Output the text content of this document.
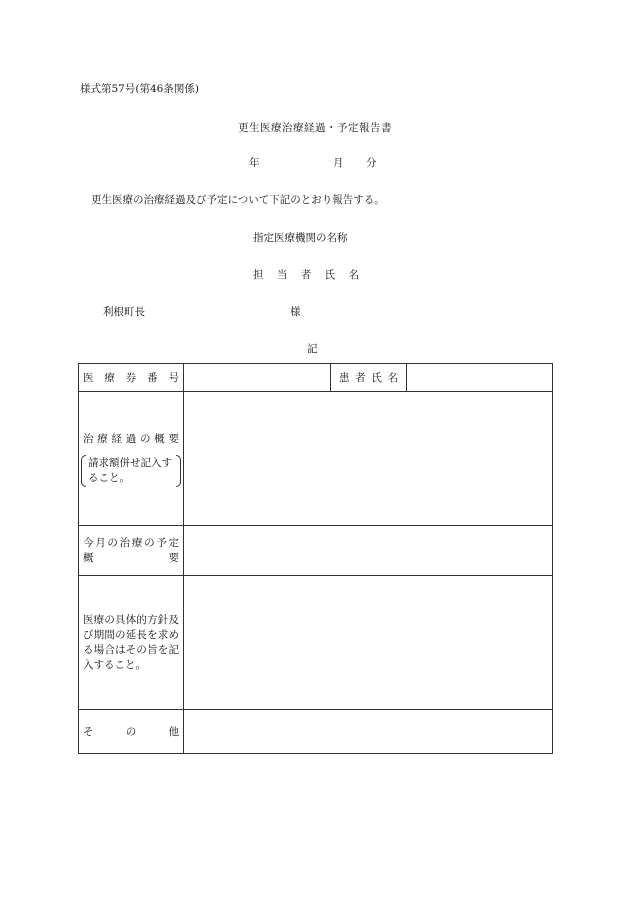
様式第57号(第46条関係)
更生医療治療経過・予定報告書
年	月 分
更生医療の治療経過及び予定について下記のとおり報告する。
指定医療機関の名称
担 当 者 氏 名
利根町長	様
記
医療券番号		患者氏名	

治療経過の概要
請求額併せ記入すること。			

今月の治療の予定
概要			

医療の具体的方針及び期間の延長を求める場合はその旨を記入すること。			

その他			
